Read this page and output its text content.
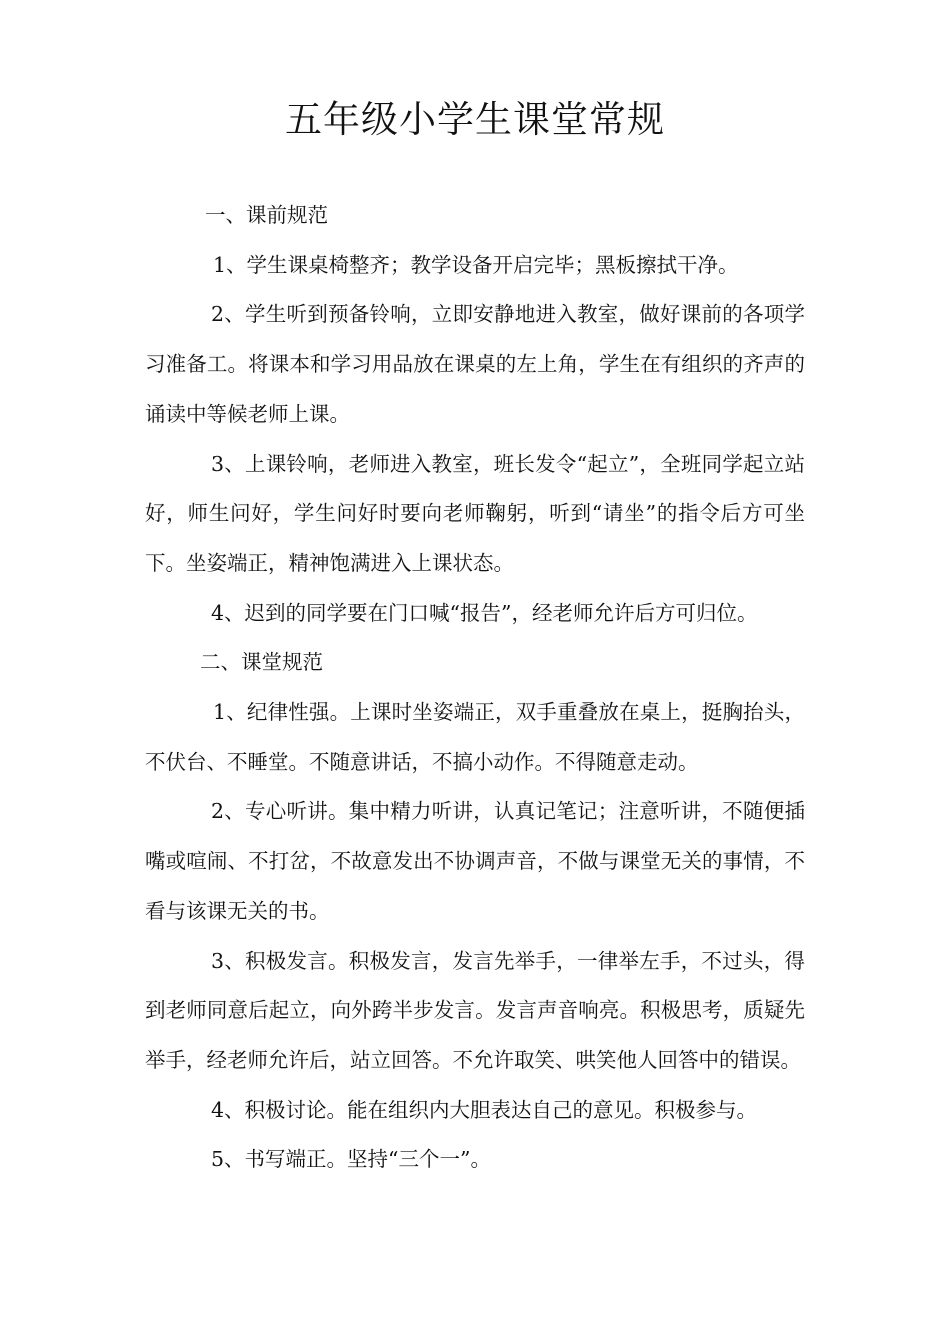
五年级小学生课堂常规

一、课前规范

1、学生课桌椅整齐；教学设备开启完毕；黑板擦拭干净。

2、学生听到预备铃响，立即安静地进入教室，做好课前的各项学习准备工。将课本和学习用品放在课桌的左上角，学生在有组织的齐声的诵读中等候老师上课。

3、上课铃响，老师进入教室，班长发令“起立”，全班同学起立站好，师生问好，学生问好时要向老师鞠躬，听到“请坐”的指令后方可坐下。坐姿端正，精神饱满进入上课状态。

4、迟到的同学要在门口喊“报告”，经老师允许后方可归位。

二、课堂规范

1、纪律性强。上课时坐姿端正，双手重叠放在桌上，挺胸抬头，不伏台、不睡堂。不随意讲话，不搞小动作。不得随意走动。

2、专心听讲。集中精力听讲，认真记笔记；注意听讲，不随便插嘴或喧闹、不打岔，不故意发出不协调声音，不做与课堂无关的事情，不看与该课无关的书。

3、积极发言。积极发言，发言先举手，一律举左手，不过头，得到老师同意后起立，向外跨半步发言。发言声音响亮。积极思考，质疑先举手，经老师允许后，站立回答。不允许取笑、哄笑他人回答中的错误。

4、积极讨论。能在组织内大胆表达自己的意见。积极参与。

5、书写端正。坚持“三个一”。
